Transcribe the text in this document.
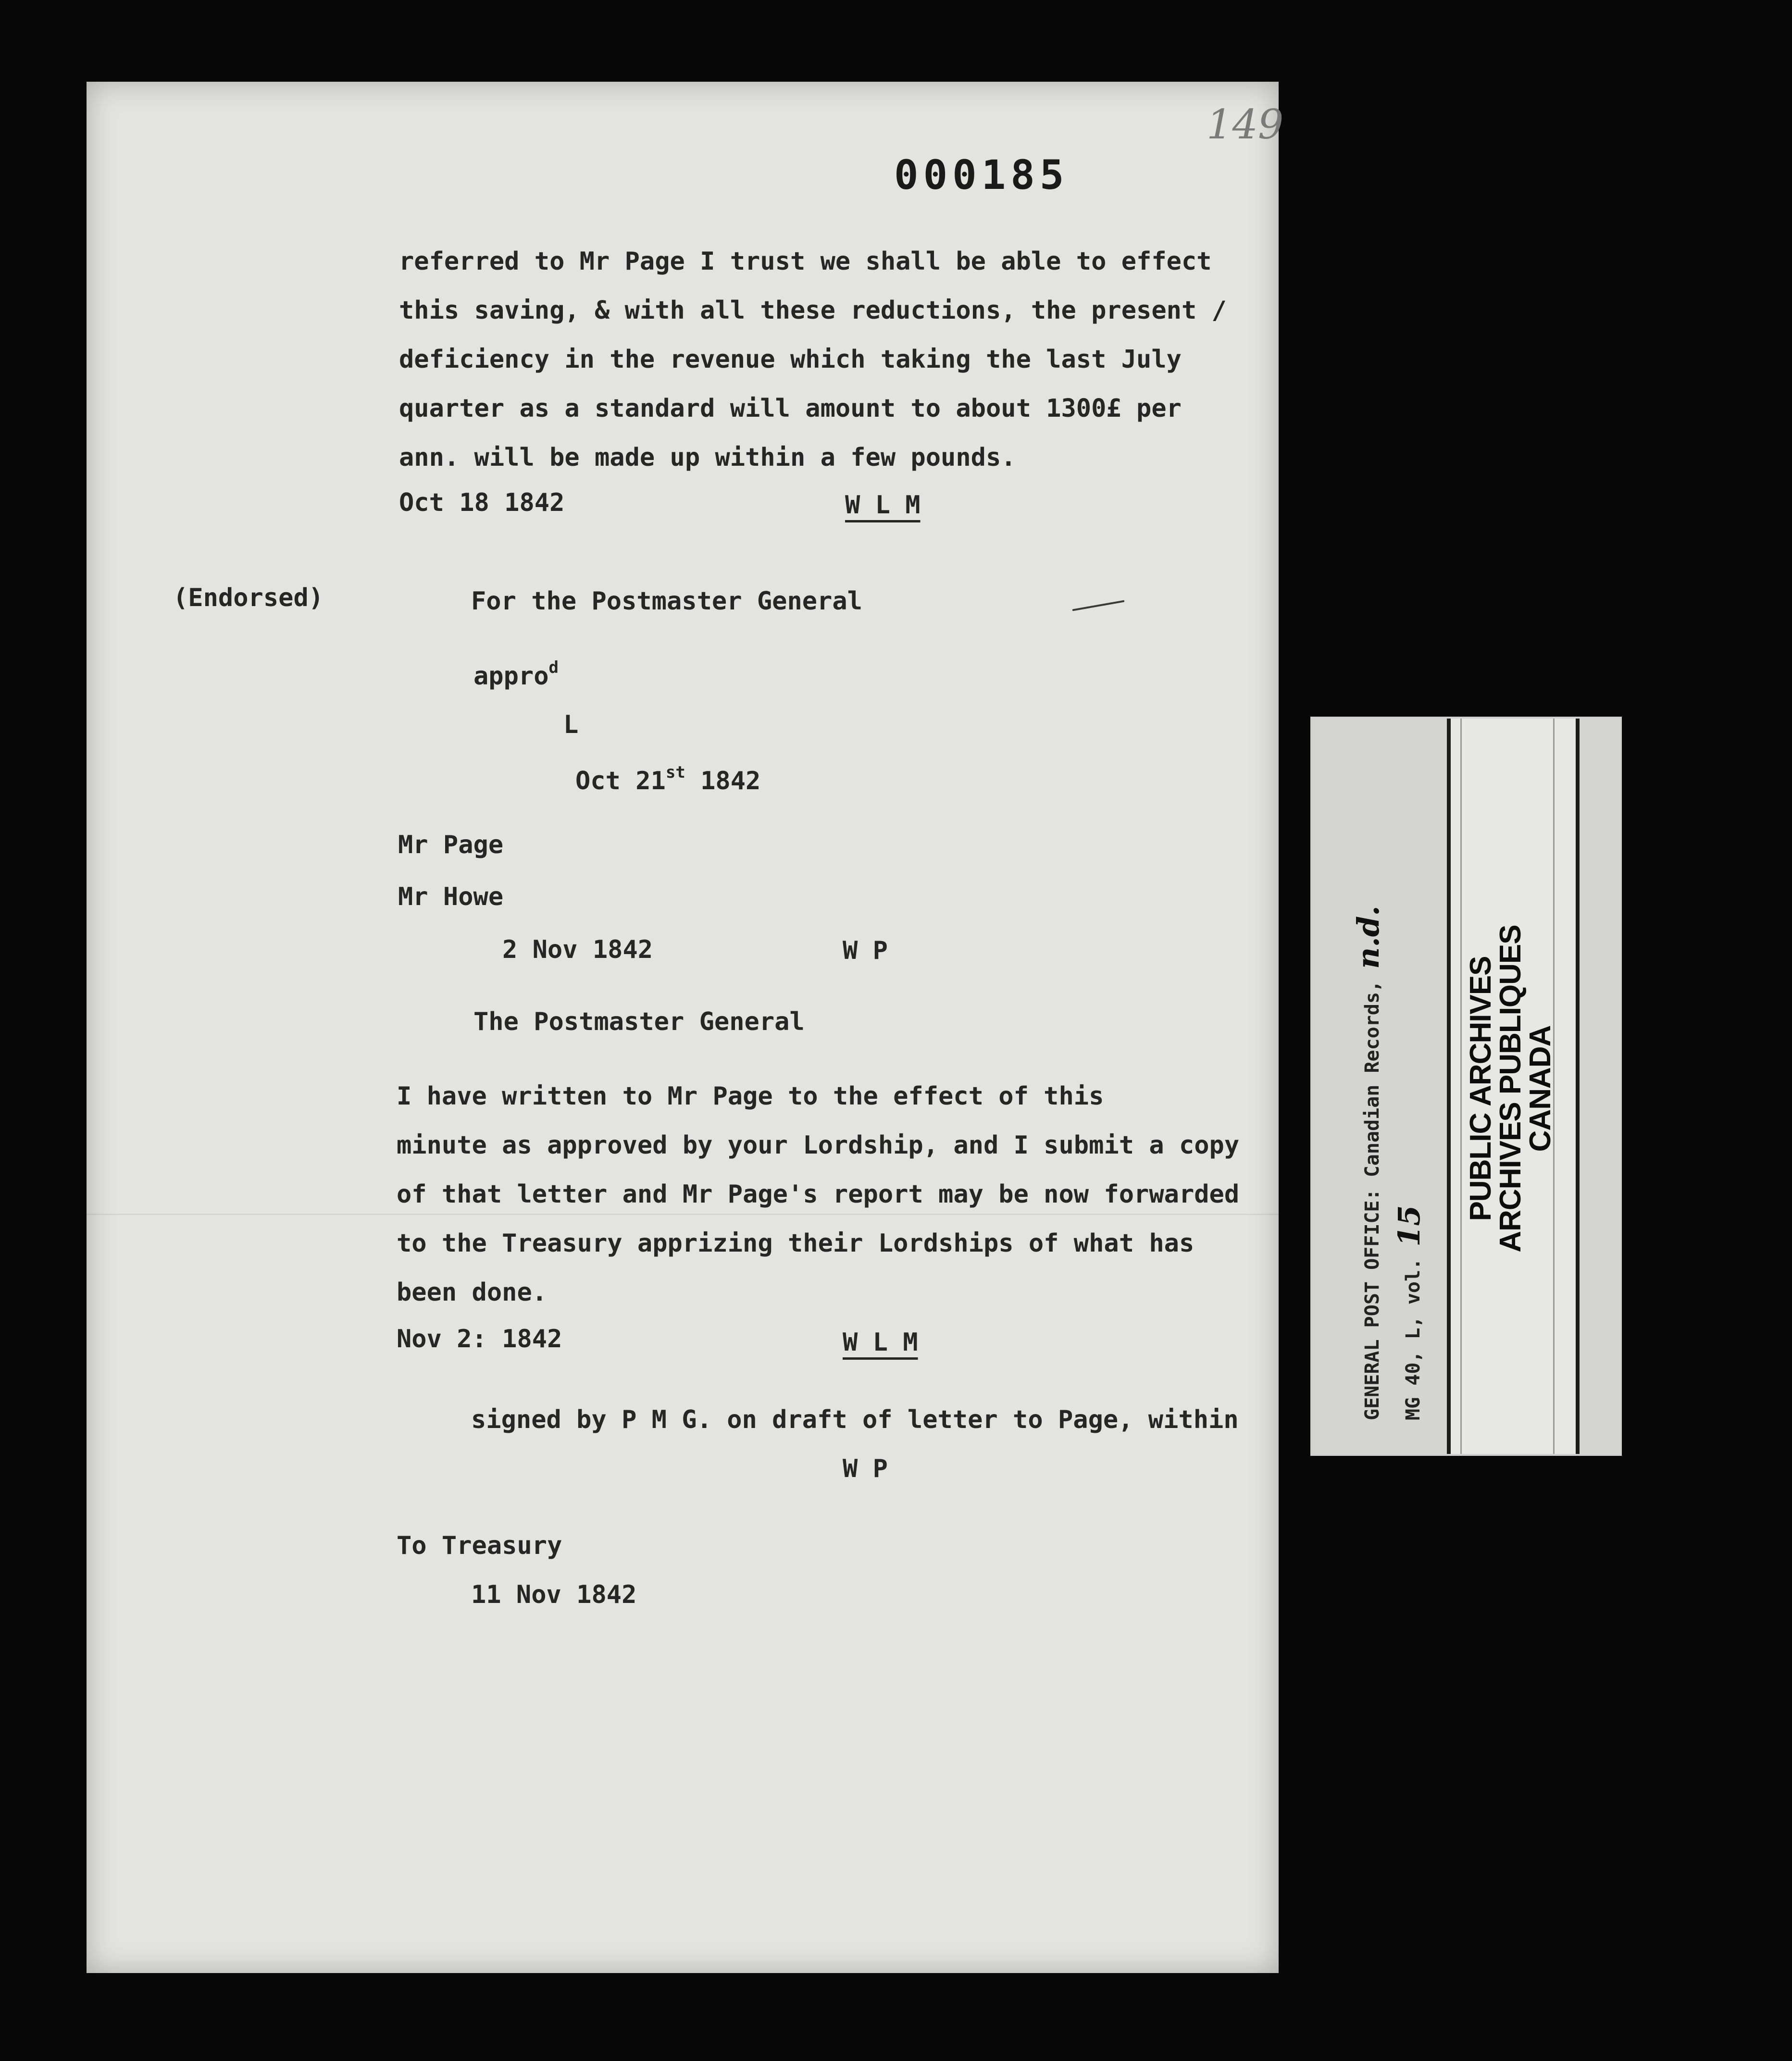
149
000185
referred to Mr Page I trust we shall be able to effect
this saving, & with all these reductions, the present /
deficiency in the revenue which taking the last July
quarter as a standard will amount to about 1300£ per
ann. will be made up within a few pounds.
Oct 18 1842	W L M
(Endorsed)	For the Postmaster General
appro$^d$
L
Oct 21st 1842
Mr Page
Mr Howe
2 Nov 1842	W P
The Postmaster General
I have written to Mr Page to the effect of this
minute as approved by your Lordship, and I submit a copy
of that letter and Mr Page's report may be now forwarded
to the Treasury apprizing their Lordships of what has
been done.
Nov 2: 1842	W L M
signed by P M G. on draft of letter to Page, within
W P
To Treasury
11 Nov 1842
GENERAL POST OFFICE: Canadian Records, n.d.
MG 40, L, vol. 15
PUBLIC ARCHIVES
ARCHIVES PUBLIQUES
CANADA
